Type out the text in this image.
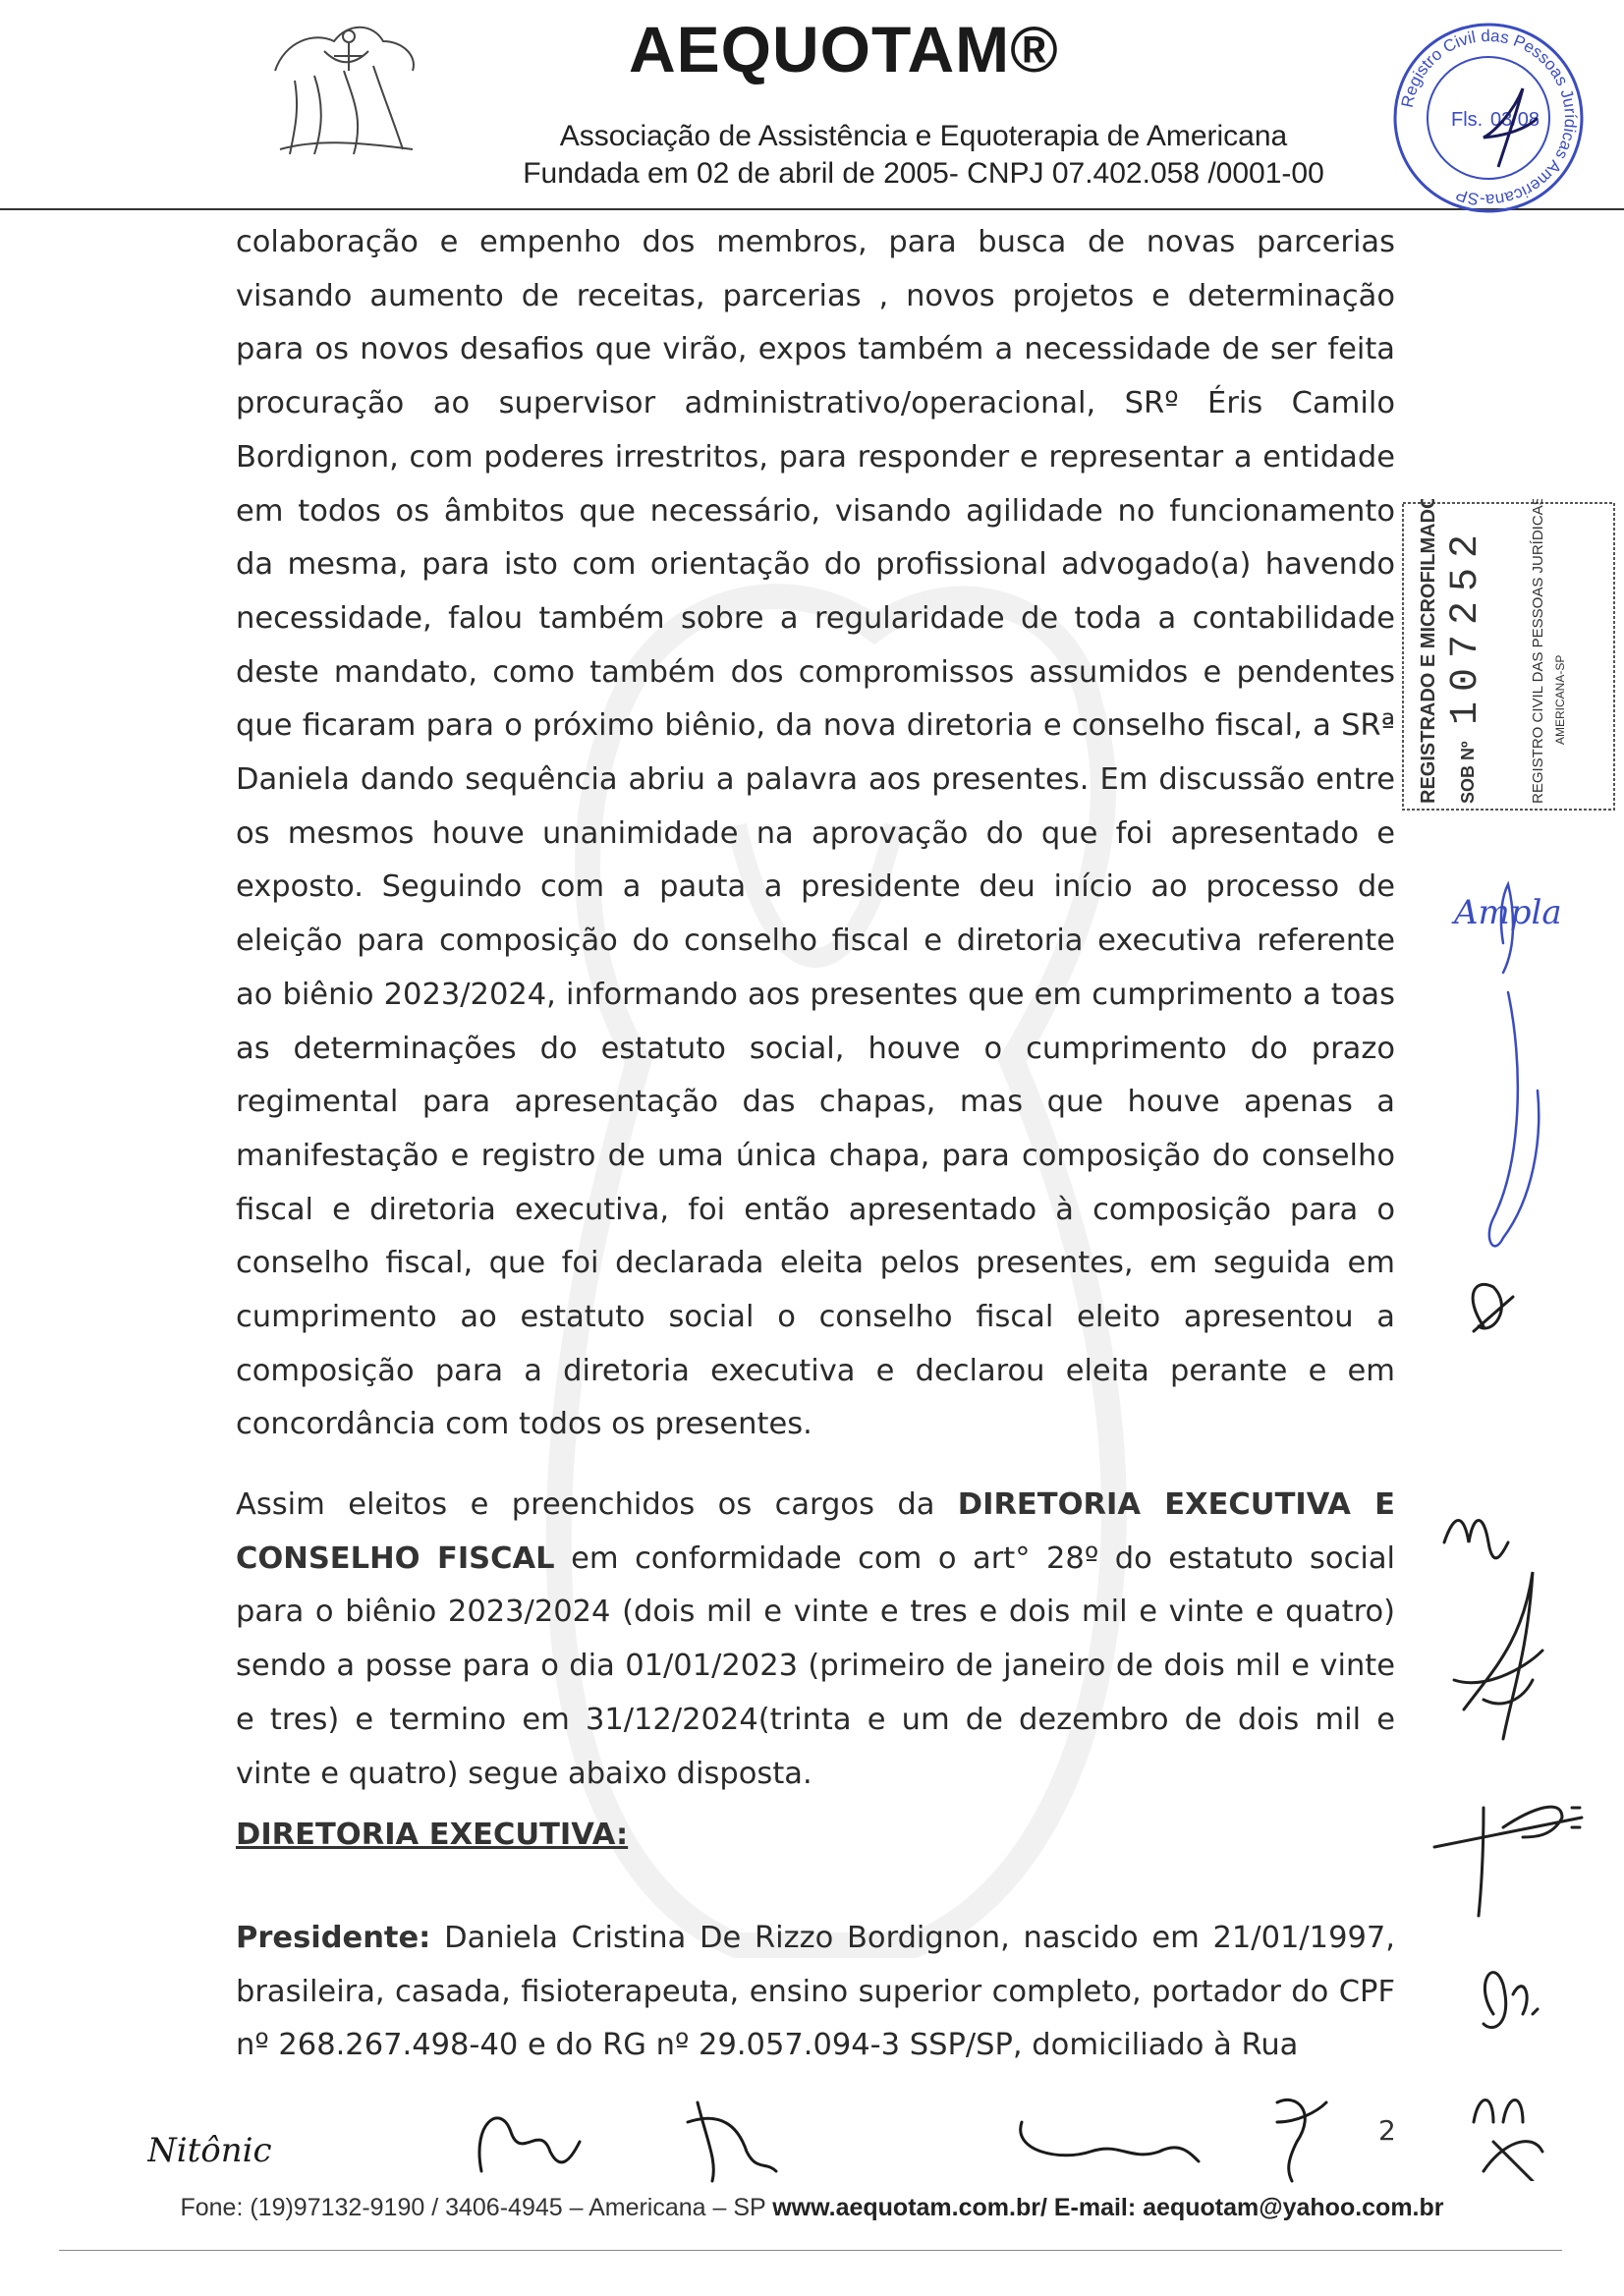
AEQUOTAM®
Associação de Assistência e Equoterapia de Americana
Fundada em 02 de abril de 2005- CNPJ 07.402.058 /0001-00
Registro Civil das Pessoas Jurídicas Americana-SP
Fls. 03/08

colaboração e empenho dos membros, para busca de novas parcerias visando aumento de receitas, parcerias , novos projetos e determinação para os novos desafios que virão, expos também a necessidade de ser feita procuração ao supervisor administrativo/operacional, SRº Éris Camilo Bordignon, com poderes irrestritos, para responder e representar a entidade em todos os âmbitos que necessário, visando agilidade no funcionamento da mesma, para isto com orientação do profissional advogado(a) havendo necessidade, falou também sobre a regularidade de toda a contabilidade deste mandato, como também dos compromissos assumidos e pendentes que ficaram para o próximo biênio, da nova diretoria e conselho fiscal, a SRª Daniela dando sequência abriu a palavra aos presentes. Em discussão entre os mesmos houve unanimidade na aprovação do que foi apresentado e exposto. Seguindo com a pauta a presidente deu início ao processo de eleição para composição do conselho fiscal e diretoria executiva referente ao biênio 2023/2024, informando aos presentes que em cumprimento a toas as determinações do estatuto social, houve o cumprimento do prazo regimental para apresentação das chapas, mas que houve apenas a manifestação e registro de uma única chapa, para composição do conselho fiscal e diretoria executiva, foi então apresentado à composição para o conselho fiscal, que foi declarada eleita pelos presentes, em seguida em cumprimento ao estatuto social o conselho fiscal eleito apresentou a composição para a diretoria executiva e declarou eleita perante e em concordância com todos os presentes.

Assim eleitos e preenchidos os cargos da DIRETORIA EXECUTIVA E CONSELHO FISCAL em conformidade com o art° 28º do estatuto social para o biênio 2023/2024 (dois mil e vinte e tres e dois mil e vinte e quatro) sendo a posse para o dia 01/01/2023 (primeiro de janeiro de dois mil e vinte e tres) e termino em 31/12/2024(trinta e um de dezembro de dois mil e vinte e quatro) segue abaixo disposta.

DIRETORIA EXECUTIVA:

Presidente: Daniela Cristina De Rizzo Bordignon, nascido em 21/01/1997, brasileira, casada, fisioterapeuta, ensino superior completo, portador do CPF nº 268.267.498-40 e do RG nº 29.057.094-3 SSP/SP, domiciliado à Rua

REGISTRADO E MICROFILMADO SOB Nº
107252	REGISTRO CIVIL DAS PESSOAS JURÍDICAS AMERICANA-SP
Ampla
Nitônic
2
Fone: (19)97132-9190 / 3406-4945 – Americana – SP www.aequotam.com.br/ E-mail: aequotam@yahoo.com.br
